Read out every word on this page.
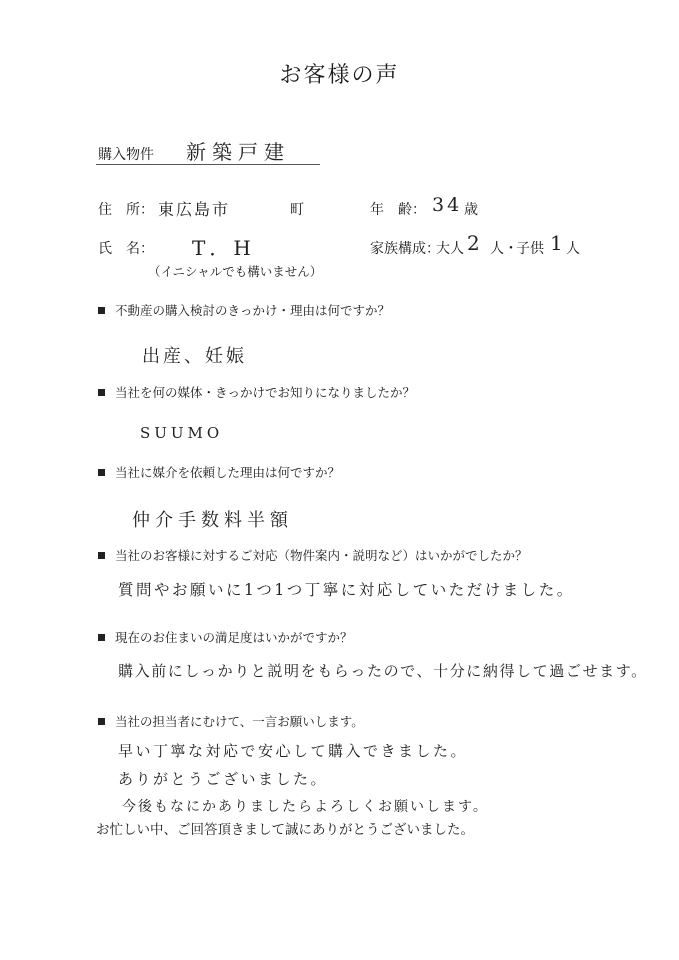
お客様の声
購入物件 新築戸建
住　所： 東広島市	町	年　齢： 34 歳
氏　名： T．H
（イニシャルでも構いません）
家族構成：
大人 2 人・
子供 1 人
不動産の購入検討のきっかけ・理由は何ですか？
出産、妊娠
当社を何の媒体・きっかけでお知りになりましたか？
SUUMO
当社に媒介を依頼した理由は何ですか？
仲介手数料半額
当社のお客様に対するご対応（物件案内・説明など）はいかがでしたか？
質問やお願いに1つ1つ丁寧に対応していただけました。
現在のお住まいの満足度はいかがですか？
購入前にしっかりと説明をもらったので、十分に納得して過ごせます。
当社の担当者にむけて、一言お願いします。
早い丁寧な対応で安心して購入できました。
ありがとうございました。
今後もなにかありましたらよろしくお願いします。
お忙しい中、ご回答頂きまして誠にありがとうございました。
